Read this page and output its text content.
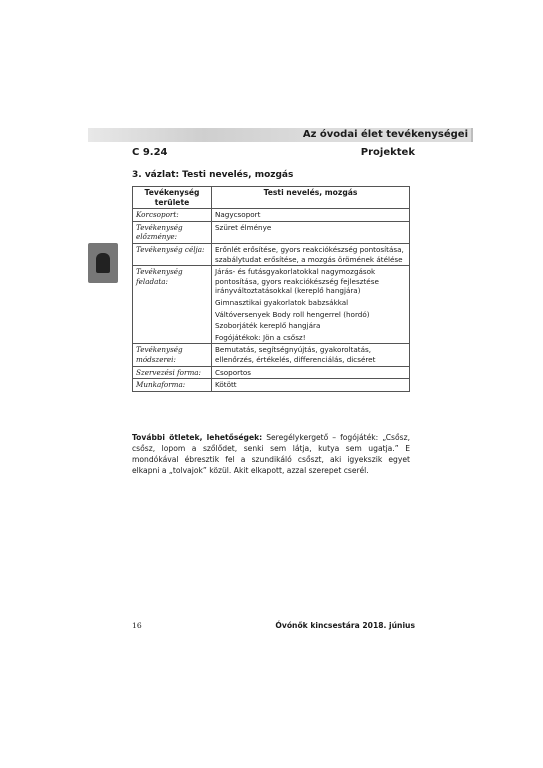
Az óvodai élet tevékenységei
C 9.24	Projektek
3. vázlat: Testi nevelés, mozgás
Tevékenység területe	Testi nevelés, mozgás
Korcsoport:	Nagycsoport

Tevékenység előzménye:	Szüret élménye

Tevékenység célja:	Erőnlét erősítése, gyors reakciókészség pontosítása, szabálytudat erősítése, a mozgás örömének átélése

Tevékenység feladata:	Járás- és futásgyakorlatokkal nagymozgások pontosítása, gyors reakciókészség fejlesztése irányváltoztatásokkal (kereplő hangjára)
Gimnasztikai gyakorlatok babzsákkal
Váltóversenyek Body roll hengerrel (hordó)
Szoborjáték kereplő hangjára
Fogójátékok: Jön a csősz!

Tevékenység módszerei:	Bemutatás, segítségnyújtás, gyakoroltatás, ellenőrzés, értékelés, differenciálás, dicséret

Szervezési forma:	Csoportos

Munkaforma:	Kötött
További ötletek, lehetőségek: Seregélykergető – fogójáték: „Csősz, csősz, lopom a szőlődet, senki sem látja, kutya sem ugatja.” E mondókával ébresztik fel a szundikáló csőszt, aki igyekszik egyet elkapni a „tolvajok” közül. Akit elkapott, azzal szerepet cserél.
16	Óvónők kincsestára 2018. június
